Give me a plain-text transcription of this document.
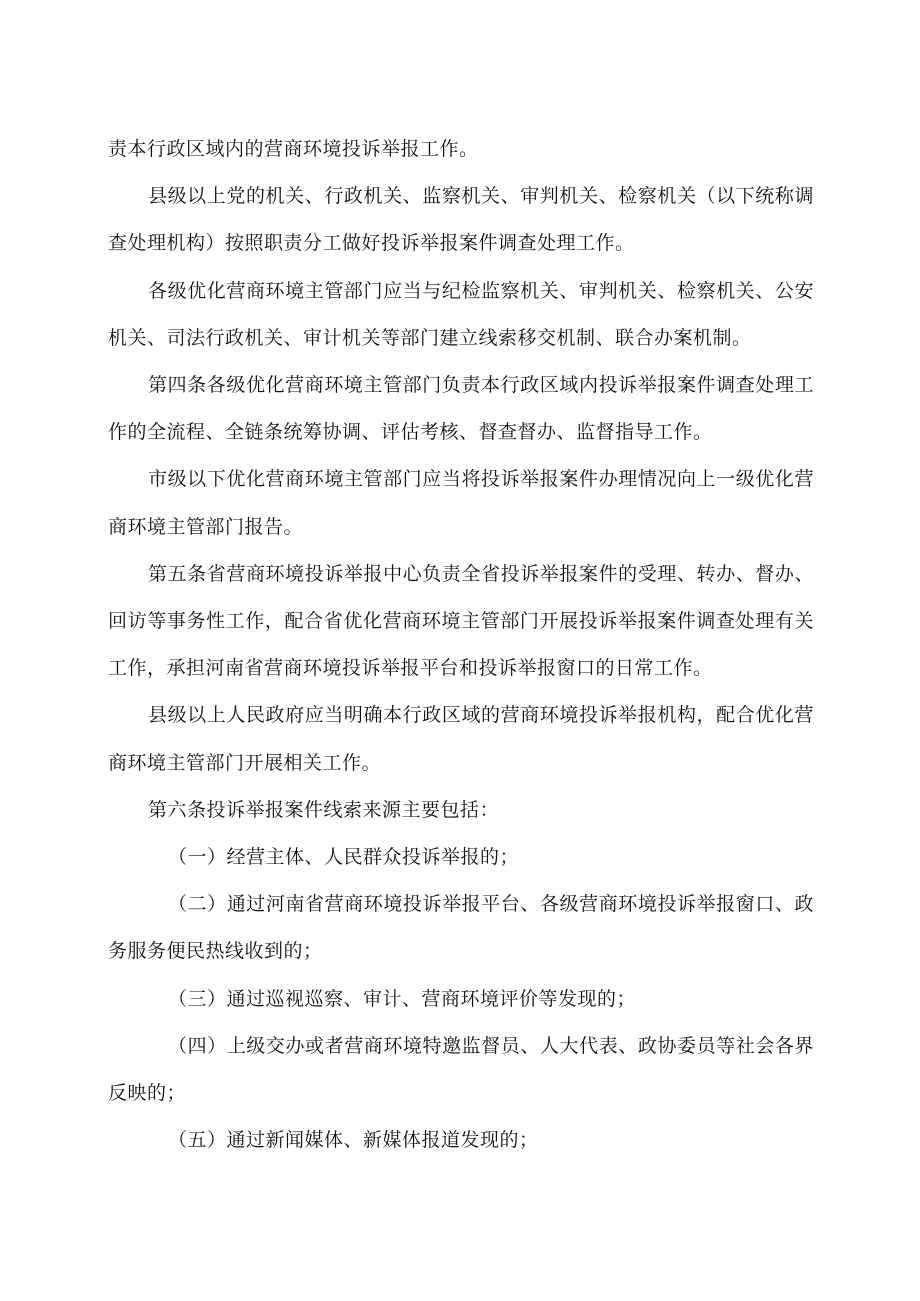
责本行政区域内的营商环境投诉举报工作。

县级以上党的机关、行政机关、监察机关、审判机关、检察机关（以下统称调查处理机构）按照职责分工做好投诉举报案件调查处理工作。

各级优化营商环境主管部门应当与纪检监察机关、审判机关、检察机关、公安机关、司法行政机关、审计机关等部门建立线索移交机制、联合办案机制。

第四条各级优化营商环境主管部门负责本行政区域内投诉举报案件调查处理工作的全流程、全链条统筹协调、评估考核、督查督办、监督指导工作。

市级以下优化营商环境主管部门应当将投诉举报案件办理情况向上一级优化营商环境主管部门报告。

第五条省营商环境投诉举报中心负责全省投诉举报案件的受理、转办、督办、回访等事务性工作，配合省优化营商环境主管部门开展投诉举报案件调查处理有关工作，承担河南省营商环境投诉举报平台和投诉举报窗口的日常工作。

县级以上人民政府应当明确本行政区域的营商环境投诉举报机构，配合优化营商环境主管部门开展相关工作。

第六条投诉举报案件线索来源主要包括：

（一）经营主体、人民群众投诉举报的；

（二）通过河南省营商环境投诉举报平台、各级营商环境投诉举报窗口、政务服务便民热线收到的；

（三）通过巡视巡察、审计、营商环境评价等发现的；

（四）上级交办或者营商环境特邀监督员、人大代表、政协委员等社会各界反映的；

（五）通过新闻媒体、新媒体报道发现的；
